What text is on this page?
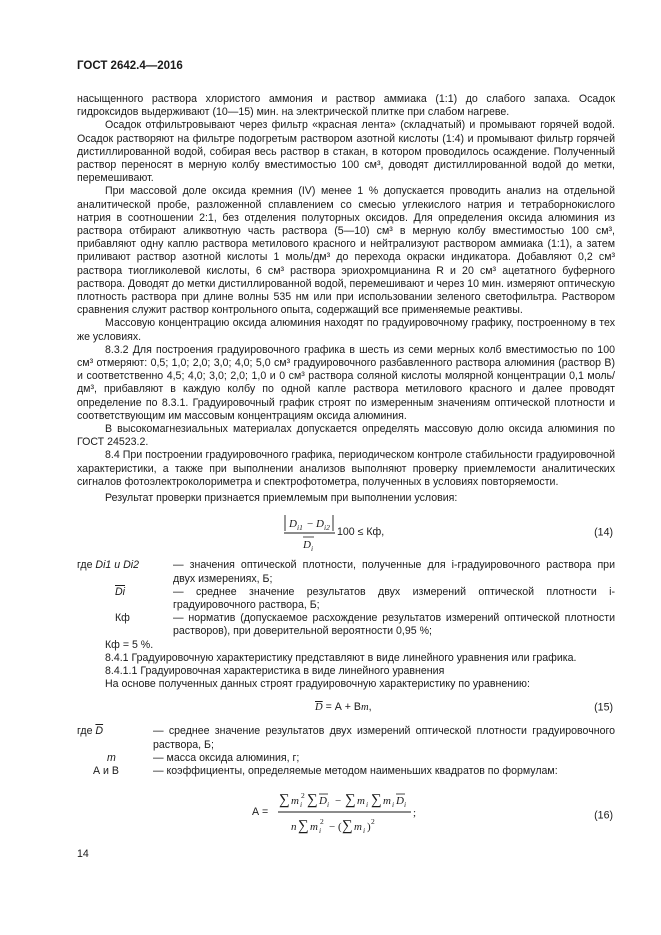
ГОСТ 2642.4—2016

насыщенного раствора хлористого аммония и раствор аммиака (1:1) до слабого запаха. Осадок гидроксидов выдерживают (10—15) мин. на электрической плитке при слабом нагреве.

Осадок отфильтровывают через фильтр «красная лента» (складчатый) и промывают горячей водой. Осадок растворяют на фильтре подогретым раствором азотной кислоты (1:4) и промывают фильтр горячей дистиллированной водой, собирая весь раствор в стакан, в котором проводилось осаждение. Полученный раствор переносят в мерную колбу вместимостью 100 см³, доводят дистиллированной водой до метки, перемешивают.

При массовой доле оксида кремния (IV) менее 1 % допускается проводить анализ на отдельной аналитической пробе, разложенной сплавлением со смесью углекислого натрия и тетраборнокислого натрия в соотношении 2:1, без отделения полуторных оксидов. Для определения оксида алюминия из раствора отбирают аликвотную часть раствора (5—10) см³ в мерную колбу вместимостью 100 см³, прибавляют одну каплю раствора метилового красного и нейтрализуют раствором аммиака (1:1), а затем приливают раствор азотной кислоты 1 моль/дм³ до перехода окраски индикатора. Добавляют 0,2 см³ раствора тиогликолевой кислоты, 6 см³ раствора эриохромцианина R и 20 см³ ацетатного буферного раствора. Доводят до метки дистиллированной водой, перемешивают и через 10 мин. измеряют оптическую плотность раствора при длине волны 535 нм или при использовании зеленого светофильтра. Раствором сравнения служит раствор контрольного опыта, содержащий все применяемые реактивы.

Массовую концентрацию оксида алюминия находят по градуировочному графику, построенному в тех же условиях.

8.3.2 Для построения градуировочного графика в шесть из семи мерных колб вместимостью по 100 см³ отмеряют: 0,5; 1,0; 2,0; 3,0; 4,0; 5,0 см³ градуировочного разбавленного раствора алюминия (раствор В) и соответственно 4,5; 4,0; 3,0; 2,0; 1,0 и 0 см³ раствора соляной кислоты молярной концентрации 0,1 моль/дм³, прибавляют в каждую колбу по одной капле раствора метилового красного и далее проводят определение по 8.3.1. Градуировочный график строят по измеренным значениям оптической плотности и соответствующим им массовым концентрациям оксида алюминия.

В высокомагнезиальных материалах допускается определять массовую долю оксида алюминия по ГОСТ 24523.2.

8.4 При построении градуировочного графика, периодическом контроле стабильности градуировочной характеристики, а также при выполнении анализов выполняют проверку приемлемости аналитических сигналов фотоэлектроколориметра и спектрофотометра, полученных в условиях повторяемости.

Результат проверки признается приемлемым при выполнении условия:

D i1 − D i2
D i
100 ≤ Кф,	(14)
где Di1 и Di2	— значения оптической плотности, полученные для i-градуировочного раствора при двух измерениях, Б;
$\overline{Di}$	— среднее значение результатов двух измерений оптической плотности i-градуировочного раствора, Б;
Кф	— норматив (допускаемое расхождение результатов измерений оптической плотности растворов), при доверительной вероятности 0,95 %;

Кф = 5 %.

8.4.1 Градуировочную характеристику представляют в виде линейного уравнения или графика.

8.4.1.1 Градуировочная характеристика в виде линейного уравнения

На основе полученных данных строят градуировочную характеристику по уравнению:

$\overline{D} = А$ + Вm,	(15)
где $\overline{D}$	— среднее значение результатов двух измерений оптической плотности градуировочного раствора, Б;
m	— масса оксида алюминия, г;
А и В	— коэффициенты, определяемые методом наименьших квадратов по формулам:
А =
∑ m i
2 ∑ D i − ∑ m i ∑ m i D i
n ∑ m i
2 − ( ∑ m i ) 2
;	(16)
14
